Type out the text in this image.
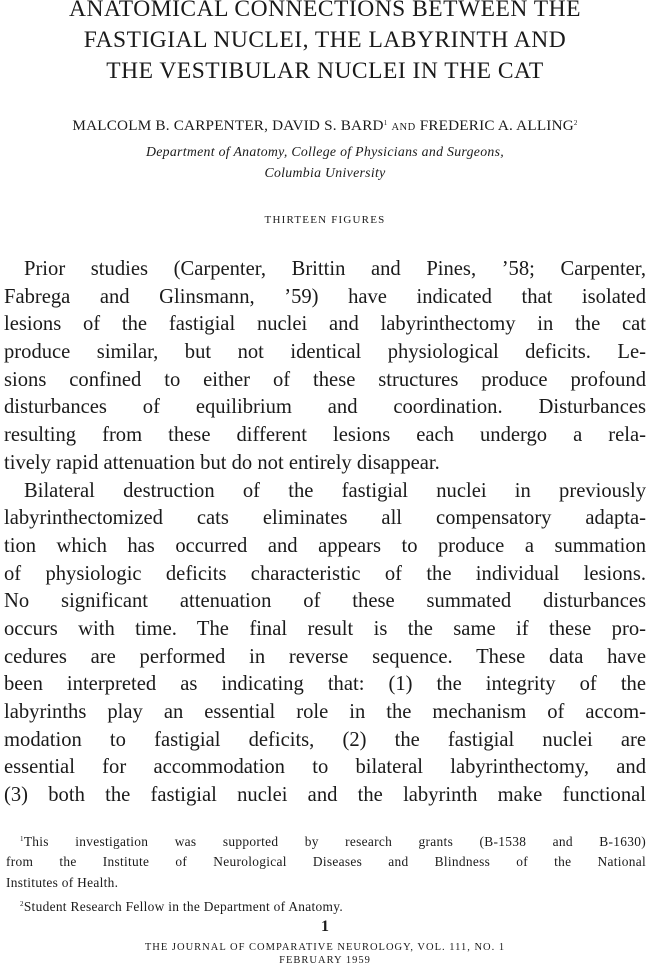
ANATOMICAL CONNECTIONS BETWEEN THE
FASTIGIAL NUCLEI, THE LABYRINTH AND
THE VESTIBULAR NUCLEI IN THE CAT

MALCOLM B. CARPENTER, DAVID S. BARD$^1$ AND FREDERIC A. ALLING$^2$

Department of Anatomy, College of Physicians and Surgeons,
Columbia University

THIRTEEN FIGURES

Prior studies (Carpenter, Brittin and Pines, ’58; Carpenter,
Fabrega and Glinsmann, ’59) have indicated that isolated
lesions of the fastigial nuclei and labyrinthectomy in the cat
produce similar, but not identical physiological deficits. Le-
sions confined to either of these structures produce profound
disturbances of equilibrium and coordination. Disturbances
resulting from these different lesions each undergo a rela-
tively rapid attenuation but do not entirely disappear.
Bilateral destruction of the fastigial nuclei in previously
labyrinthectomized cats eliminates all compensatory adapta-
tion which has occurred and appears to produce a summation
of physiologic deficits characteristic of the individual lesions.
No significant attenuation of these summated disturbances
occurs with time. The final result is the same if these pro-
cedures are performed in reverse sequence. These data have
been interpreted as indicating that: (1) the integrity of the
labyrinths play an essential role in the mechanism of accom-
modation to fastigial deficits, (2) the fastigial nuclei are
essential for accommodation to bilateral labyrinthectomy, and
(3) both the fastigial nuclei and the labyrinth make functional
$^1$This investigation was supported by research grants (B-1538 and B-1630)
from the Institute of Neurological Diseases and Blindness of the National
Institutes of Health.
$^2$Student Research Fellow in the Department of Anatomy.
1
THE JOURNAL OF COMPARATIVE NEUROLOGY, VOL. 111, NO. 1
FEBRUARY 1959
